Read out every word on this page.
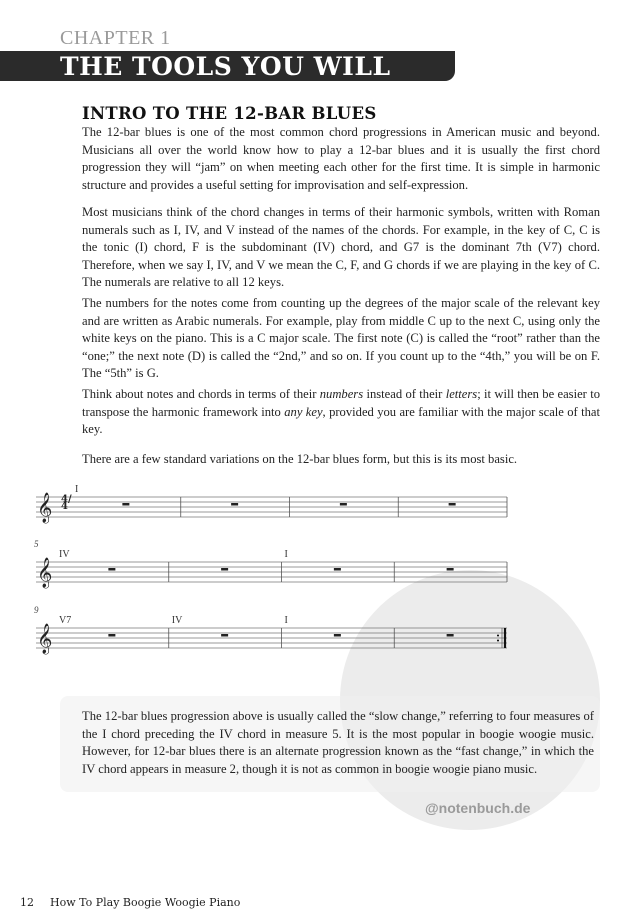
CHAPTER 1
THE TOOLS YOU WILL NEED
INTRO TO THE 12-BAR BLUES

The 12-bar blues is one of the most common chord progressions in American music and beyond. Musicians all over the world know how to play a 12-bar blues and it is usually the first chord progression they will “jam” on when meeting each other for the first time. It is simple in harmonic structure and provides a useful setting for improvisation and self-expression.

Most musicians think of the chord changes in terms of their harmonic symbols, written with Roman numerals such as I, IV, and V instead of the names of the chords. For example, in the key of C, C is the tonic (I) chord, F is the subdominant (IV) chord, and G7 is the dominant 7th (V7) chord. Therefore, when we say I, IV, and V we mean the C, F, and G chords if we are playing in the key of C. The numerals are relative to all 12 keys.

The numbers for the notes come from counting up the degrees of the major scale of the relevant key and are written as Arabic numerals. For example, play from middle C up to the next C, using only the white keys on the piano. This is a C major scale. The first note (C) is called the “root” rather than the “one;” the next note (D) is called the “2nd,” and so on. If you count up to the “4th,” you will be on F. The “5th” is G.

Think about notes and chords in terms of their numbers instead of their letters; it will then be easier to transpose the harmonic framework into any key, provided you are familiar with the major scale of that key.

There are a few standard variations on the 12-bar blues form, but this is its most basic.

𝄞
I
𝄞
5
IV	I
𝄞
9
V7	IV	I
4/4

The 12-bar blues progression above is usually called the “slow change,” referring to four measures of the I chord preceding the IV chord in measure 5. It is the most popular in boogie woogie music. However, for 12-bar blues there is an alternate progression known as the “fast change,” in which the IV chord appears in measure 2, though it is not as common in boogie woogie piano music.

@notenbuch.de
12 How To Play Boogie Woogie Piano
